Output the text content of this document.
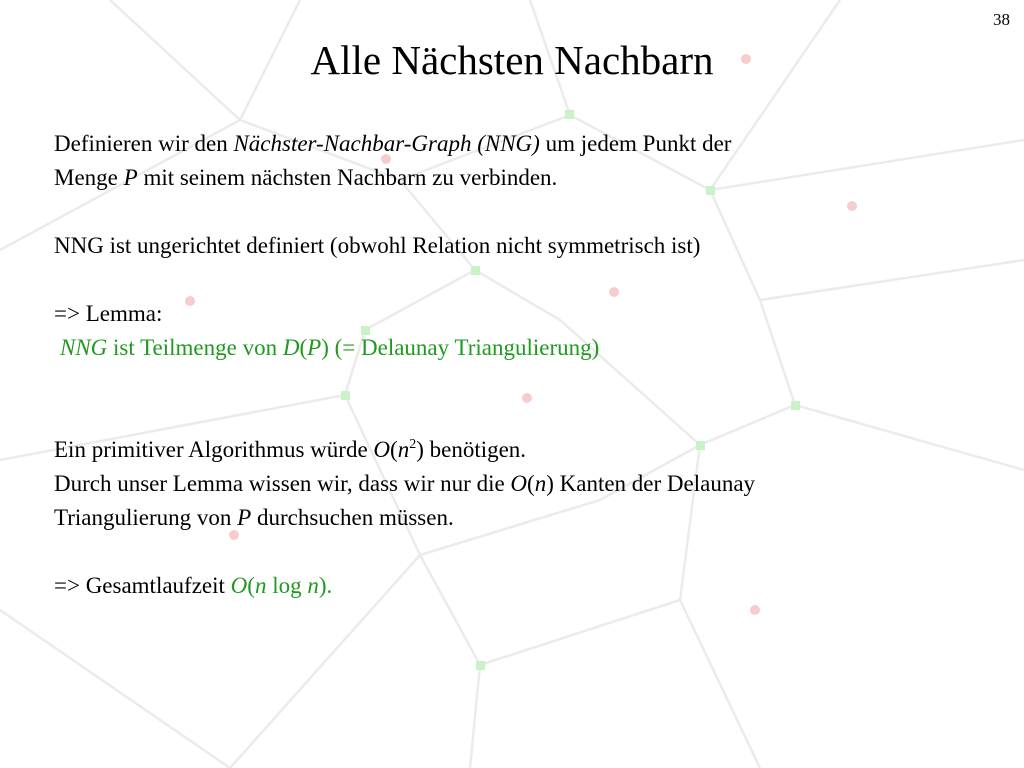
38
Alle Nächsten Nachbarn
Definieren wir den Nächster-Nachbar-Graph (NNG) um jedem Punkt der
Menge P mit seinem nächsten Nachbarn zu verbinden.
NNG ist ungerichtet definiert (obwohl Relation nicht symmetrisch ist)
=> Lemma:
NNG ist Teilmenge von D(P) (= Delaunay Triangulierung)
Ein primitiver Algorithmus würde $O(n^2)$ benötigen.
Durch unser Lemma wissen wir, dass wir nur die O(n) Kanten der Delaunay
Triangulierung von P durchsuchen müssen.
=> Gesamtlaufzeit O(n log n).
